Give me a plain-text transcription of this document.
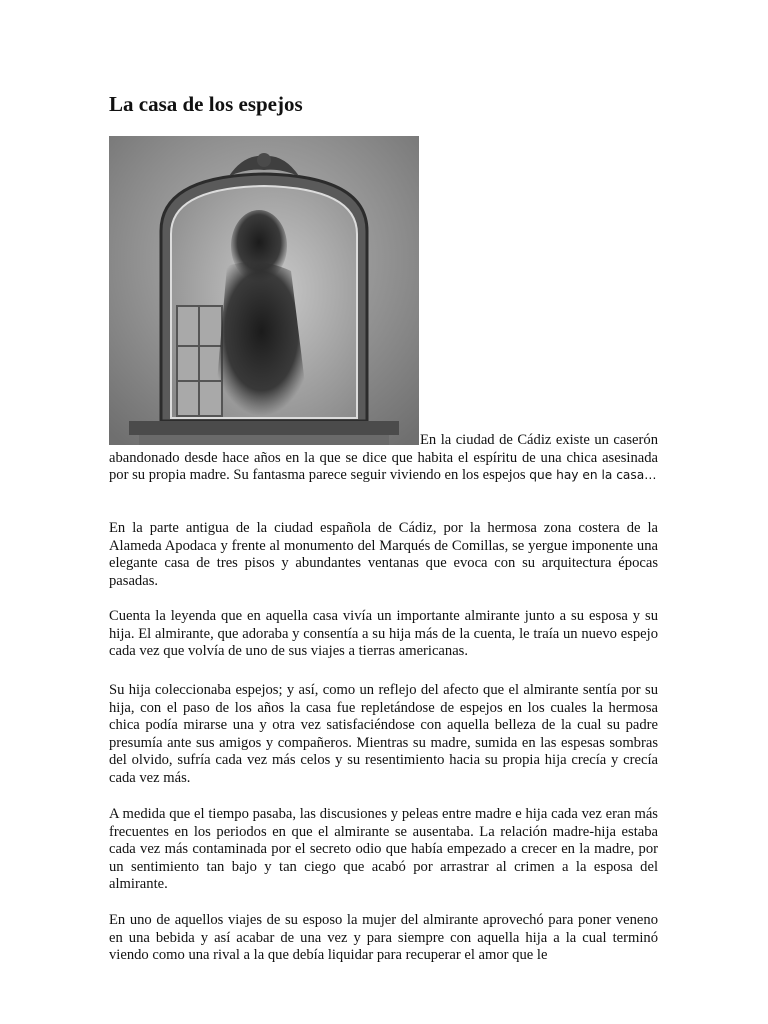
La casa de los espejos

En la ciudad de Cádiz existe un caserón abandonado desde hace años en la que se dice que habita el espíritu de una chica asesinada por su propia madre. Su fantasma parece seguir viviendo en los espejos que hay en la casa…

En la parte antigua de la ciudad española de Cádiz, por la hermosa zona costera de la Alameda Apodaca y frente al monumento del Marqués de Comillas, se yergue imponente una elegante casa de tres pisos y abundantes ventanas que evoca con su arquitectura épocas pasadas.

Cuenta la leyenda que en aquella casa vivía un importante almirante junto a su esposa y su hija. El almirante, que adoraba y consentía a su hija más de la cuenta, le traía un nuevo espejo cada vez que volvía de uno de sus viajes a tierras americanas.

Su hija coleccionaba espejos; y así, como un reflejo del afecto que el almirante sentía por su hija, con el paso de los años la casa fue repletándose de espejos en los cuales la hermosa chica podía mirarse una y otra vez satisfaciéndose con aquella belleza de la cual su padre presumía ante sus amigos y compañeros. Mientras su madre, sumida en las espesas sombras del olvido, sufría cada vez más celos y su resentimiento hacia su propia hija crecía y crecía cada vez más.

A medida que el tiempo pasaba, las discusiones y peleas entre madre e hija cada vez eran más frecuentes en los periodos en que el almirante se ausentaba. La relación madre-hija estaba cada vez más contaminada por el secreto odio que había empezado a crecer en la madre, por un sentimiento tan bajo y tan ciego que acabó por arrastrar al crimen a la esposa del almirante.

En uno de aquellos viajes de su esposo la mujer del almirante aprovechó para poner veneno en una bebida y así acabar de una vez y para siempre con aquella hija a la cual terminó viendo como una rival a la que debía liquidar para recuperar el amor que le
